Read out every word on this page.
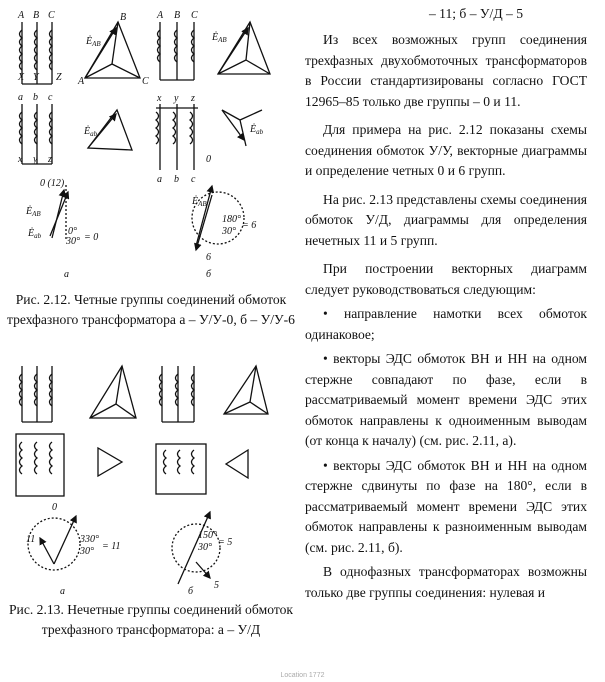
A B C
X Y Z
B
A	C
$Ė_{AB}$
a b c
x y z
$Ė_{ab}$
A B C
x y z
a b c
$Ė_{AB}$
$Ė_{ab}$
0 (12)
$Ė_{AB}$
$Ė_{ab}$	0°
30° = 0
0
$Ė_{AB}$
180°
30°
= 6
6
а	б
Рис. 2.12. Четные группы соединений обмоток трехфазного трансформатора а – У/У-0, б – У/У-6
0
11	330°
30° = 11
150°
30° = 5
5
а	б
Рис. 2.13. Нечетные группы соединений обмоток трехфазного трансформатора: а – У/Д

– 11; б – У/Д – 5

Из всех возможных групп соединения трехфазных двухобмоточных трансформаторов в России стандартизированы согласно ГОСТ 12965–85 только две группы – 0 и 11.

Для примера на рис. 2.12 показаны схемы соединения обмоток У/У, векторные диаграммы и определение четных 0 и 6 групп.

На рис. 2.13 представлены схемы соединения обмоток У/Д, диаграммы для определения нечетных 11 и 5 групп.

При построении векторных диаграмм следует руководствоваться следующим:

• направление намотки всех обмоток одинаковое;

• векторы ЭДС обмоток ВН и НН на одном стержне совпадают по фазе, если в рассматриваемый момент времени ЭДС этих обмоток направлены к одноименным выводам (от конца к началу) (см. рис. 2.11, а).

• векторы ЭДС обмоток ВН и НН на одном стержне сдвинуты по фазе на 180°, если в рассматриваемый момент времени ЭДС этих обмоток направлены к разноименным выводам (см. рис. 2.11, б).

В однофазных трансформаторах возможны только две группы соединения: нулевая и

Location 1772
